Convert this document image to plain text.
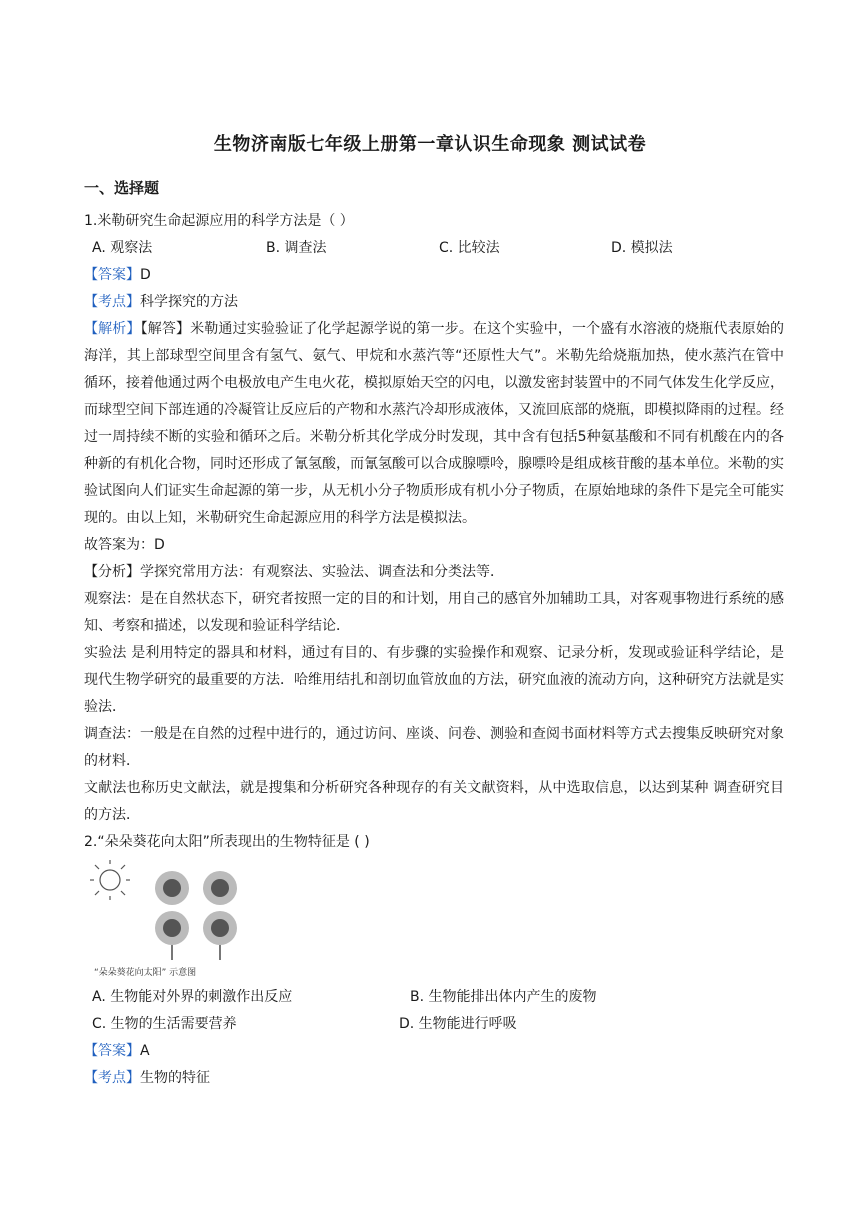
生物济南版七年级上册第一章认识生命现象 测试试卷
一、选择题
1.米勒研究生命起源应用的科学方法是（ ）
A. 观察法	B. 调查法	C. 比较法	D. 模拟法
【答案】D
【考点】科学探究的方法
【解析】【解答】米勒通过实验验证了化学起源学说的第一步。在这个实验中，一个盛有水溶液的烧瓶代表原始的海洋，其上部球型空间里含有氢气、氨气、甲烷和水蒸汽等“还原性大气”。米勒先给烧瓶加热，使水蒸汽在管中循环，接着他通过两个电极放电产生电火花，模拟原始天空的闪电，以激发密封装置中的不同气体发生化学反应，而球型空间下部连通的冷凝管让反应后的产物和水蒸汽冷却形成液体，又流回底部的烧瓶，即模拟降雨的过程。经过一周持续不断的实验和循环之后。米勒分析其化学成分时发现，其中含有包括5种氨基酸和不同有机酸在内的各种新的有机化合物，同时还形成了氰氢酸，而氰氢酸可以合成腺嘌呤，腺嘌呤是组成核苷酸的基本单位。米勒的实验试图向人们证实生命起源的第一步，从无机小分子物质形成有机小分子物质，在原始地球的条件下是完全可能实现的。由以上知，米勒研究生命起源应用的科学方法是模拟法。
故答案为：D
【分析】学探究常用方法：有观察法、实验法、调查法和分类法等．
观察法：是在自然状态下，研究者按照一定的目的和计划，用自己的感官外加辅助工具，对客观事物进行系统的感知、考察和描述，以发现和验证科学结论．
实验法 是利用特定的器具和材料，通过有目的、有步骤的实验操作和观察、记录分析，发现或验证科学结论，是现代生物学研究的最重要的方法．哈维用结扎和剖切血管放血的方法，研究血液的流动方向，这种研究方法就是实验法．
调查法：一般是在自然的过程中进行的，通过访问、座谈、问卷、测验和查阅书面材料等方式去搜集反映研究对象的材料．
文献法也称历史文献法，就是搜集和分析研究各种现存的有关文献资料，从中选取信息，以达到某种 调查研究目的方法．
2.“朵朵葵花向太阳”所表现出的生物特征是 ( )
“朵朵葵花向太阳” 示意图
A. 生物能对外界的刺激作出反应	B. 生物能排出体内产生的废物
C. 生物的生活需要营养	D. 生物能进行呼吸
【答案】A
【考点】生物的特征
